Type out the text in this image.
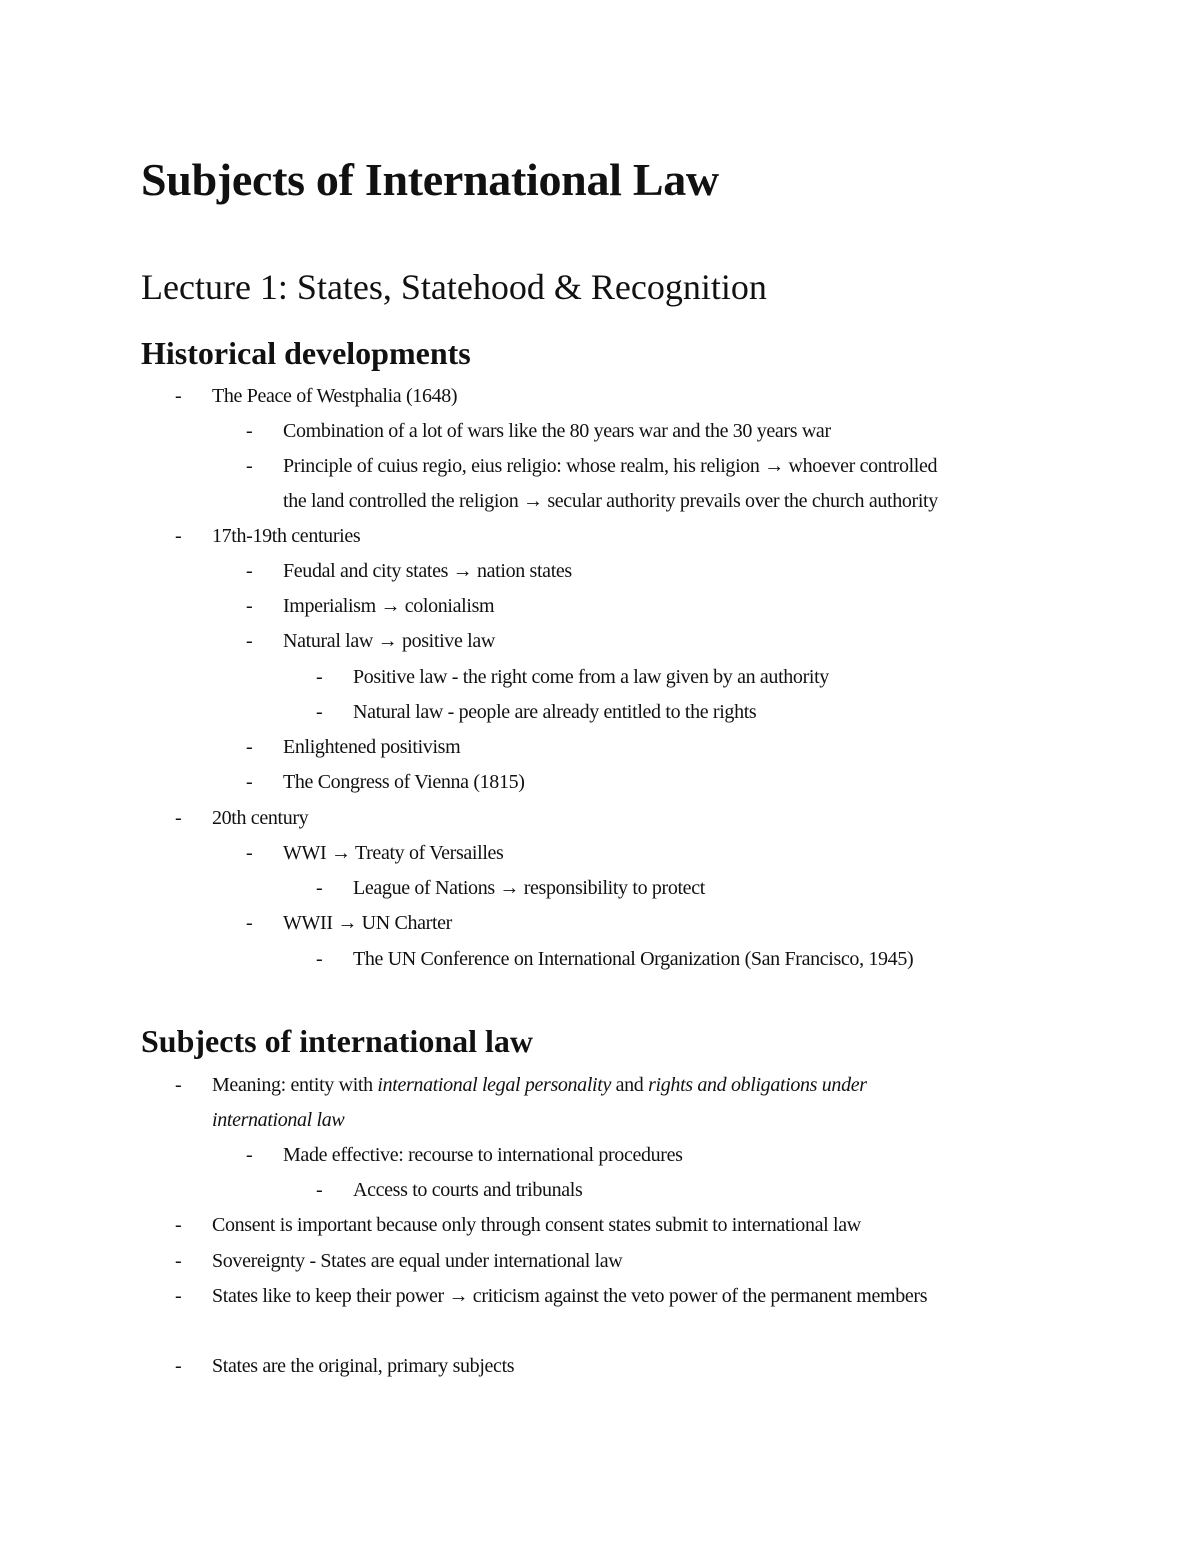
Subjects of International Law
Lecture 1: States, Statehood & Recognition
Historical developments
- The Peace of Westphalia (1648)
- Combination of a lot of wars like the 80 years war and the 30 years war
- Principle of cuius regio, eius religio: whose realm, his religion → whoever controlled
the land controlled the religion → secular authority prevails over the church authority
- 17th-19th centuries
- Feudal and city states → nation states
- Imperialism → colonialism
- Natural law → positive law
- Positive law - the right come from a law given by an authority
- Natural law - people are already entitled to the rights
- Enlightened positivism
- The Congress of Vienna (1815)
- 20th century
- WWI → Treaty of Versailles
- League of Nations → responsibility to protect
- WWII → UN Charter
- The UN Conference on International Organization (San Francisco, 1945)
Subjects of international law
- Meaning: entity with international legal personality and rights and obligations under
international law
- Made effective: recourse to international procedures
- Access to courts and tribunals
- Consent is important because only through consent states submit to international law
- Sovereignty - States are equal under international law
- States like to keep their power → criticism against the veto power of the permanent members
- States are the original, primary subjects
